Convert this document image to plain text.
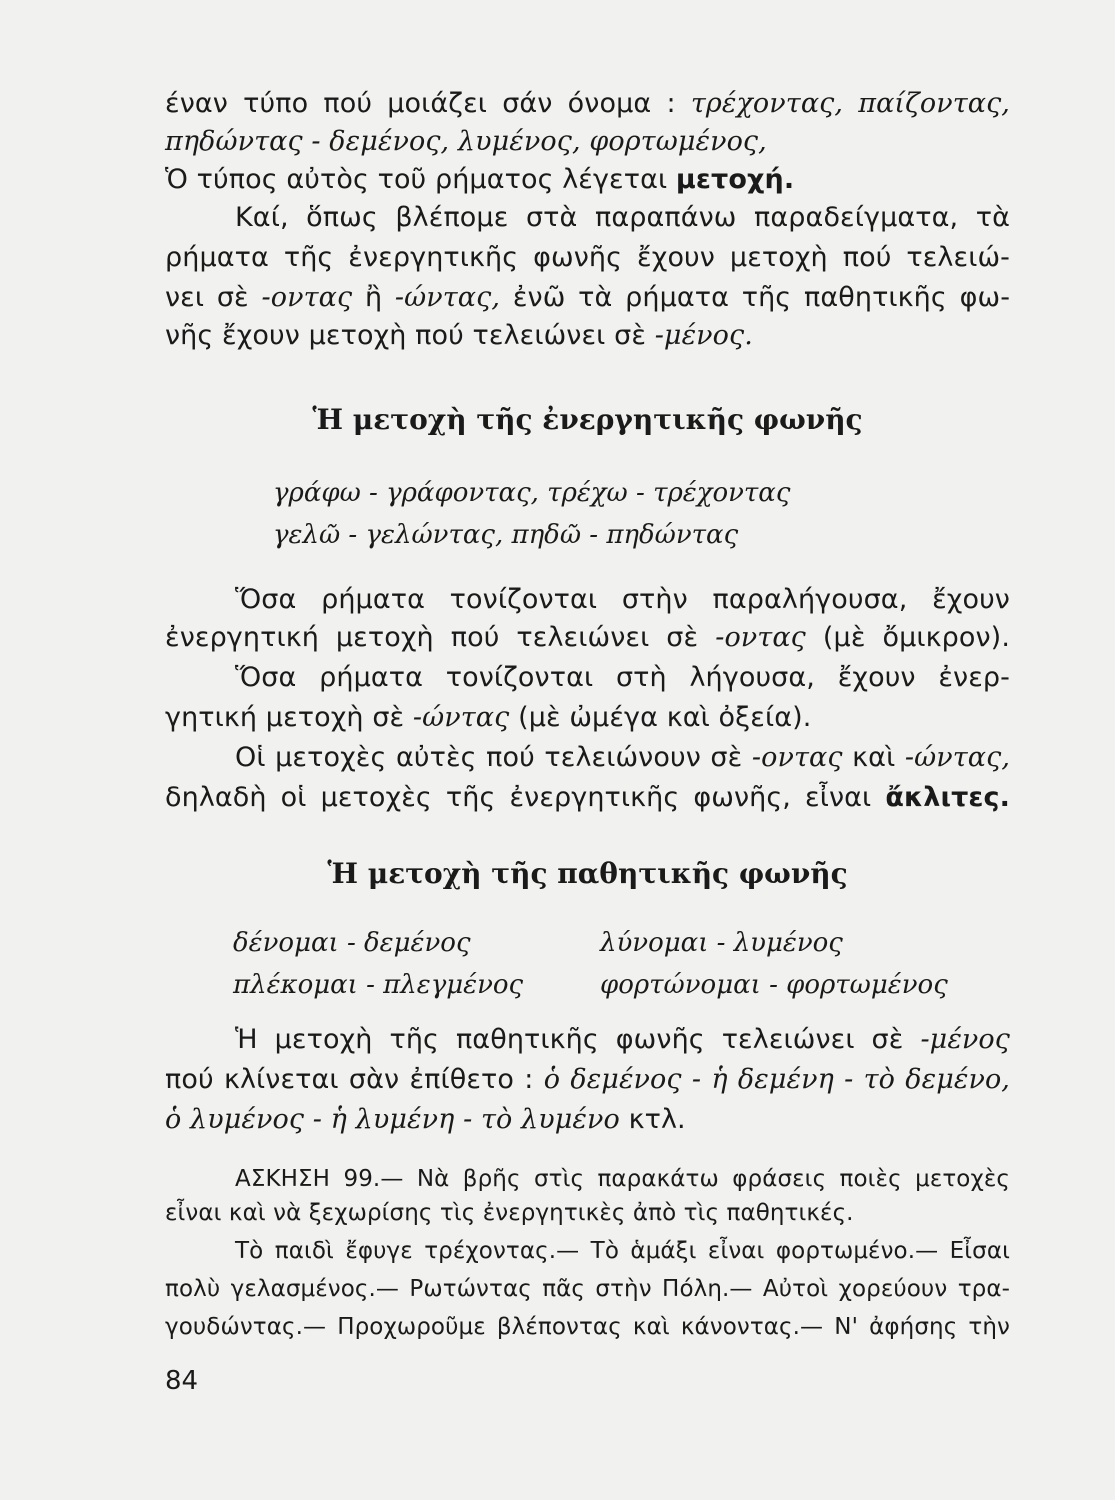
έναν τύπο πού μοιάζει σάν όνομα : τρέχοντας, παίζοντας,
πηδώντας - δεμένος, λυμένος, φορτωμένος,
Ὁ τύπος αὐτὸς τοῦ ρήματος λέγεται μετοχή.
Καί, ὅπως βλέπομε στὰ παραπάνω παραδείγματα, τὰ
ρήματα τῆς ἐνεργητικῆς φωνῆς ἔχουν μετοχὴ πού τελειώ-
νει σὲ -οντας ἢ -ώντας, ἐνῶ τὰ ρήματα τῆς παθητικῆς φω-
νῆς ἔχουν μετοχὴ πού τελειώνει σὲ -μένος.
Ἡ μετοχὴ τῆς ἐνεργητικῆς φωνῆς
γράφω - γράφοντας, τρέχω - τρέχοντας
γελῶ - γελώντας, πηδῶ - πηδώντας
Ὅσα ρήματα τονίζονται στὴν παραλήγουσα, ἔχουν
ἐνεργητική μετοχὴ πού τελειώνει σὲ -οντας (μὲ ὄμικρον).
Ὅσα ρήματα τονίζονται στὴ λήγουσα, ἔχουν ἐνερ-
γητική μετοχὴ σὲ -ώντας (μὲ ὠμέγα καὶ ὀξεία).
Οἱ μετοχὲς αὐτὲς πού τελειώνουν σὲ -οντας καὶ -ώντας,
δηλαδὴ οἱ μετοχὲς τῆς ἐνεργητικῆς φωνῆς, εἶναι ἄκλιτες.
Ἡ μετοχὴ τῆς παθητικῆς φωνῆς
δένομαι - δεμένος	λύνομαι - λυμένος
πλέκομαι - πλεγμένος	φορτώνομαι - φορτωμένος
Ἡ μετοχὴ τῆς παθητικῆς φωνῆς τελειώνει σὲ -μένος
πού κλίνεται σὰν ἐπίθετο : ὁ δεμένος - ἡ δεμένη - τὸ δεμένο,
ὁ λυμένος - ἡ λυμένη - τὸ λυμένο κτλ.
ΑΣΚΗΣΗ 99.— Νὰ βρῆς στὶς παρακάτω φράσεις ποιὲς μετοχὲς
εἶναι καὶ νὰ ξεχωρίσης τὶς ἐνεργητικὲς ἀπὸ τὶς παθητικές.
Τὸ παιδὶ ἔφυγε τρέχοντας.— Τὸ ἁμάξι εἶναι φορτωμένο.— Εἶσαι
πολὺ γελασμένος.— Ρωτώντας πᾶς στὴν Πόλη.— Αὐτοὶ χορεύουν τρα-
γουδώντας.— Προχωροῦμε βλέποντας καὶ κάνοντας.— Ν' ἀφήσης τὴν
84
